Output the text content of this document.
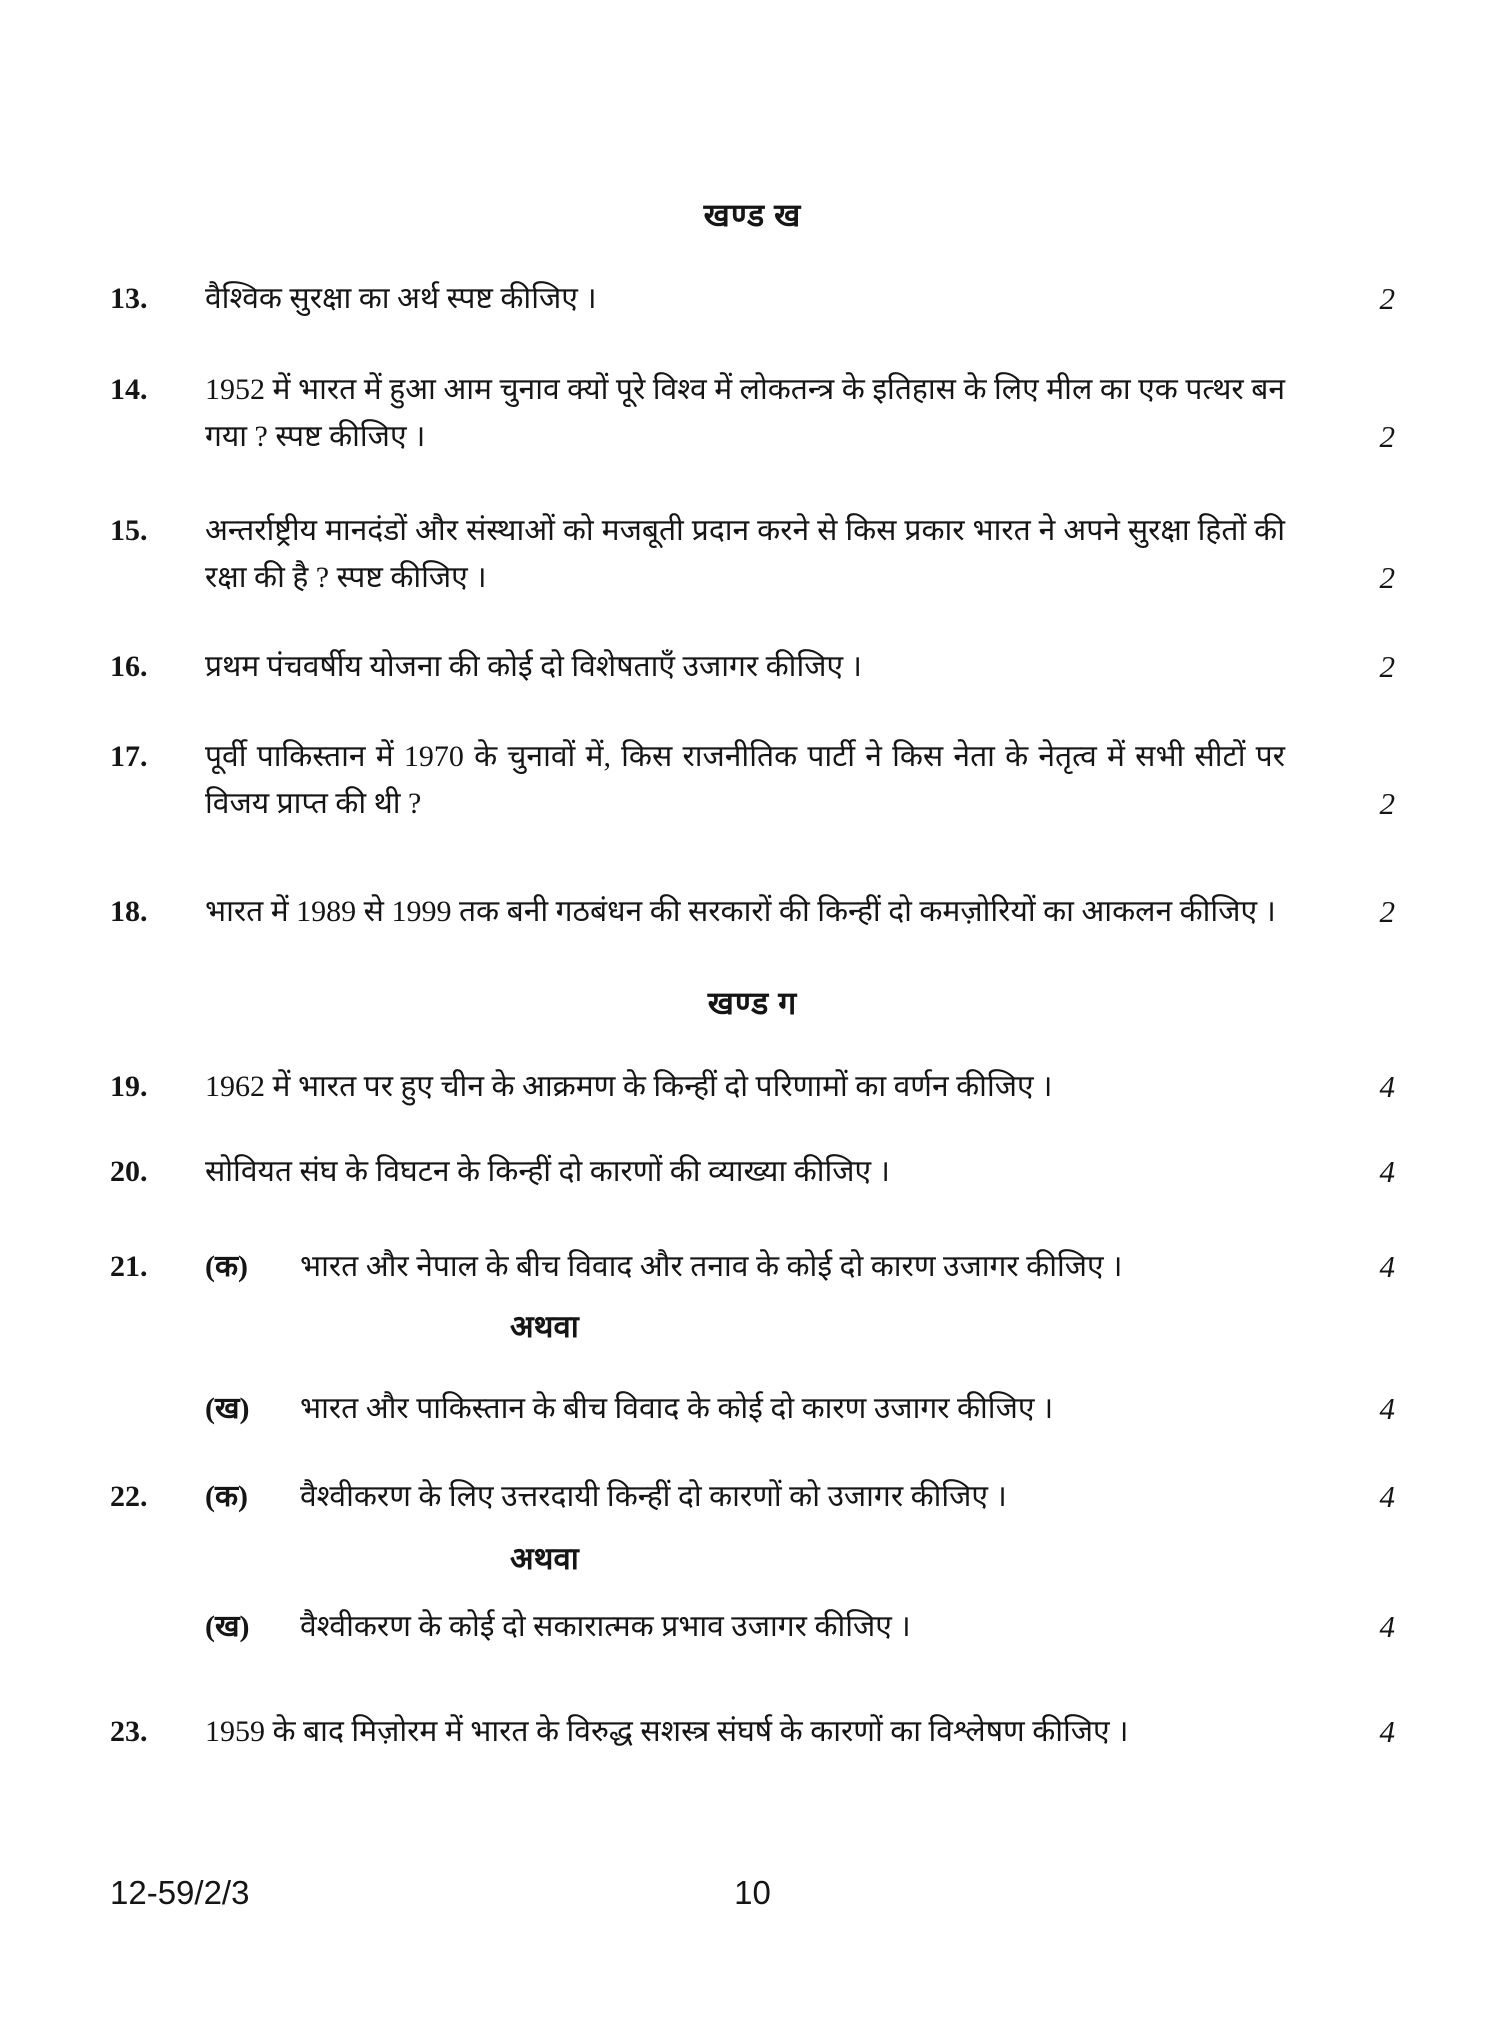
खण्ड ख
13.	वैश्विक सुरक्षा का अर्थ स्पष्ट कीजिए ।	2
14.	1952 में भारत में हुआ आम चुनाव क्यों पूरे विश्व में लोकतन्त्र के इतिहास के लिए मील का एक पत्थर बन गया ? स्पष्ट कीजिए ।	2
15.	अन्तर्राष्ट्रीय मानदंडों और संस्थाओं को मजबूती प्रदान करने से किस प्रकार भारत ने अपने सुरक्षा हितों की रक्षा की है ? स्पष्ट कीजिए ।	2
16.	प्रथम पंचवर्षीय योजना की कोई दो विशेषताएँ उजागर कीजिए ।	2
17.	पूर्वी पाकिस्तान में 1970 के चुनावों में, किस राजनीतिक पार्टी ने किस नेता के नेतृत्व में सभी सीटों पर विजय प्राप्त की थी ?	2
18.	भारत में 1989 से 1999 तक बनी गठबंधन की सरकारों की किन्हीं दो कमज़ोरियों का आकलन कीजिए ।	2
खण्ड ग
19.	1962 में भारत पर हुए चीन के आक्रमण के किन्हीं दो परिणामों का वर्णन कीजिए ।	4
20.	सोवियत संघ के विघटन के किन्हीं दो कारणों की व्याख्या कीजिए ।	4
21.	(क)	भारत और नेपाल के बीच विवाद और तनाव के कोई दो कारण उजागर कीजिए ।	4
अथवा
(ख)	भारत और पाकिस्तान के बीच विवाद के कोई दो कारण उजागर कीजिए ।	4
22.	(क)	वैश्वीकरण के लिए उत्तरदायी किन्हीं दो कारणों को उजागर कीजिए ।	4
अथवा
(ख)	वैश्वीकरण के कोई दो सकारात्मक प्रभाव उजागर कीजिए ।	4
23.	1959 के बाद मिज़ोरम में भारत के विरुद्ध सशस्त्र संघर्ष के कारणों का विश्लेषण कीजिए ।	4
12-59/2/3	10
